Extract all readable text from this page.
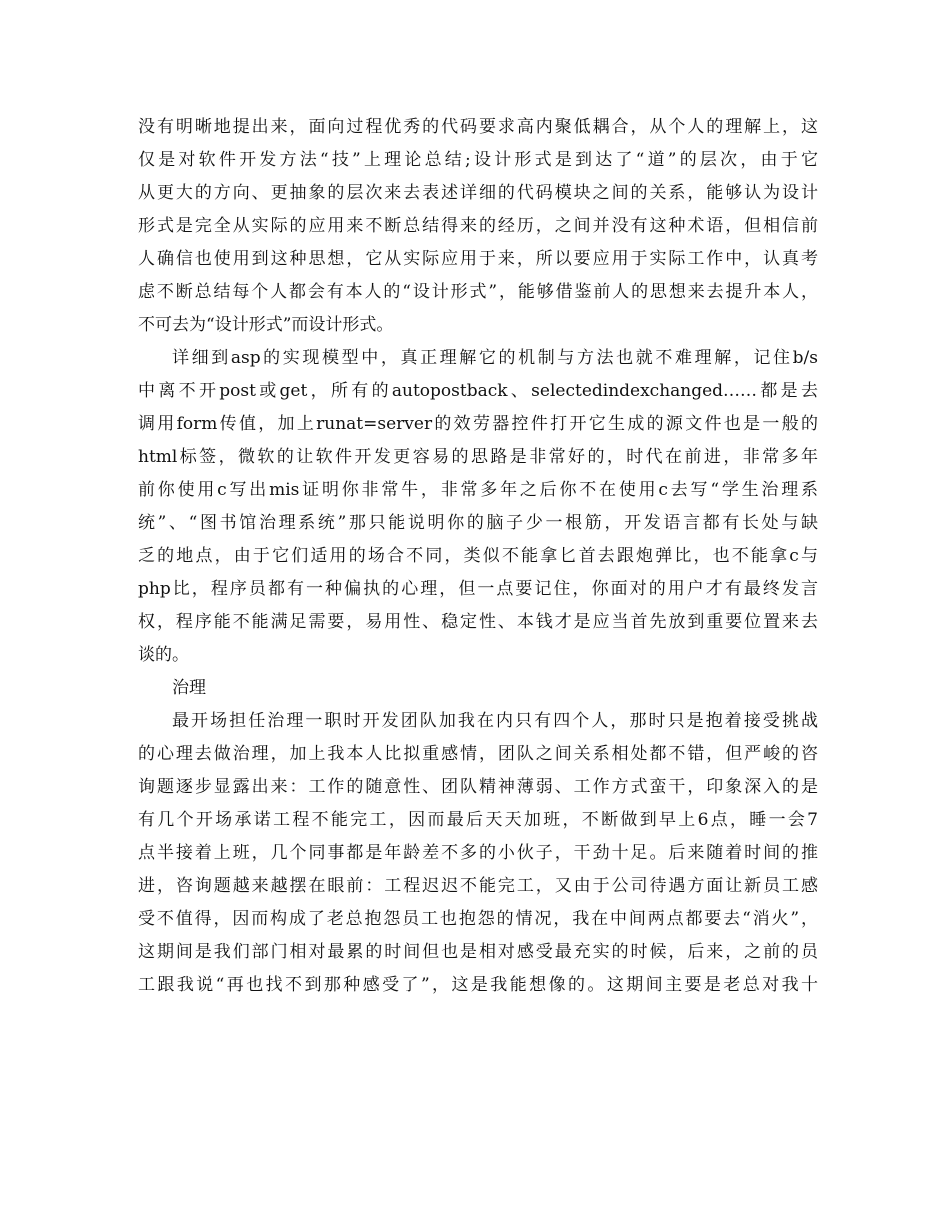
没有明晰地提出来，面向过程优秀的代码要求高内聚低耦合，从个人的理解上，这
仅是对软件开发方法“技”上理论总结;设计形式是到达了“道”的层次，由于它
从更大的方向、更抽象的层次来去表述详细的代码模块之间的关系，能够认为设计
形式是完全从实际的应用来不断总结得来的经历，之间并没有这种术语，但相信前
人确信也使用到这种思想，它从实际应用于来，所以要应用于实际工作中，认真考
虑不断总结每个人都会有本人的“设计形式”，能够借鉴前人的思想来去提升本人，
不可去为“设计形式”而设计形式。
详细到asp的实现模型中，真正理解它的机制与方法也就不难理解，记住b/s
中离不开post或get，所有的autopostback、selectedindexchanged……都是去
调用form传值，加上runat=server的效劳器控件打开它生成的源文件也是一般的
html标签，微软的让软件开发更容易的思路是非常好的，时代在前进，非常多年
前你使用c写出mis证明你非常牛，非常多年之后你不在使用c去写“学生治理系
统”、“图书馆治理系统”那只能说明你的脑子少一根筋，开发语言都有长处与缺
乏的地点，由于它们适用的场合不同，类似不能拿匕首去跟炮弹比，也不能拿c与
php比，程序员都有一种偏执的心理，但一点要记住，你面对的用户才有最终发言
权，程序能不能满足需要，易用性、稳定性、本钱才是应当首先放到重要位置来去
谈的。
治理
最开场担任治理一职时开发团队加我在内只有四个人，那时只是抱着接受挑战
的心理去做治理，加上我本人比拟重感情，团队之间关系相处都不错，但严峻的咨
询题逐步显露出来：工作的随意性、团队精神薄弱、工作方式蛮干，印象深入的是
有几个开场承诺工程不能完工，因而最后天天加班，不断做到早上6点，睡一会7
点半接着上班，几个同事都是年龄差不多的小伙子，干劲十足。后来随着时间的推
进，咨询题越来越摆在眼前：工程迟迟不能完工，又由于公司待遇方面让新员工感
受不值得，因而构成了老总抱怨员工也抱怨的情况，我在中间两点都要去“消火”，
这期间是我们部门相对最累的时间但也是相对感受最充实的时候，后来，之前的员
工跟我说“再也找不到那种感受了”，这是我能想像的。这期间主要是老总对我十
